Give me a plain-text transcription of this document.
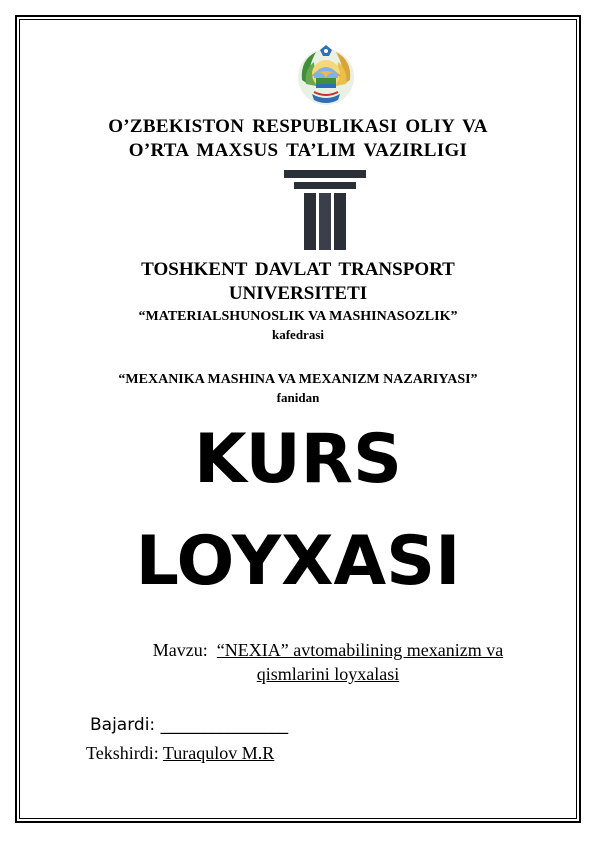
O’ZBEKISTON RESPUBLIKASI OLIY VA
O’RTA MAXSUS TA’LIM VAZIRLIGI
TOSHKENT DAVLAT TRANSPORT
UNIVERSITETI
“MATERIALSHUNOSLIK VA MASHINASOZLIK”
kafedrasi
“MEXANIKA MASHINA VA MEXANIZM NAZARIYASI”
fanidan
KURS
LOYXASI
Mavzu: “NEXIA” avtomabilining mexanizm va
qismlarini loyxalasi
Bajardi: _______________
Tekshirdi: Turaqulov M.R
